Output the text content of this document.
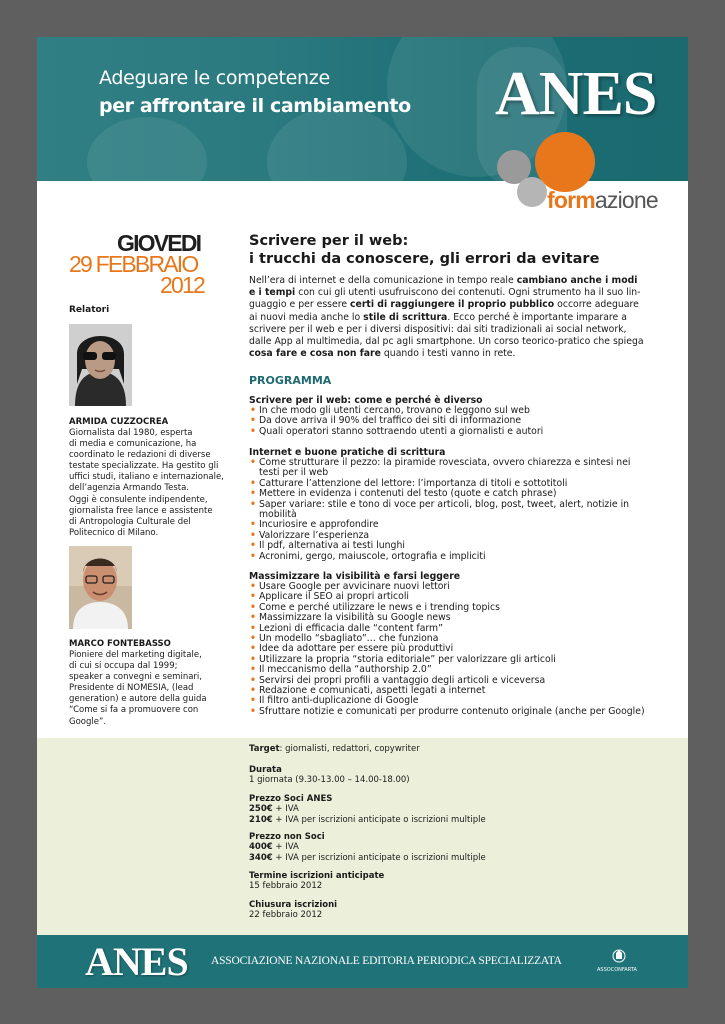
Adeguare le competenze
per affrontare il cambiamento ANES
formazione
GIOVEDI
29 FEBBRAIO
2012
Relatori
ARMIDA CUZZOCREA
Giornalista dal 1980, esperta
di media e comunicazione, ha
coordinato le redazioni di diverse
testate specializzate. Ha gestito gli
uffici studi, italiano e internazionale,
dell’agenzia Armando Testa.
Oggi è consulente indipendente,
giornalista free lance e assistente
di Antropologia Culturale del
Politecnico di Milano.
MARCO FONTEBASSO
Pioniere del marketing digitale,
di cui si occupa dal 1999;
speaker a convegni e seminari,
Presidente di NOMESIA, (lead
generation) e autore della guida
“Come si fa a promuovere con
Google”.
Scrivere per il web:
i trucchi da conoscere, gli errori da evitare
Nell’era di internet e della comunicazione in tempo reale cambiano anche i modi
e i tempi con cui gli utenti usufruiscono dei contenuti. Ogni strumento ha il suo lin-
guaggio e per essere certi di raggiungere il proprio pubblico occorre adeguare
ai nuovi media anche lo stile di scrittura. Ecco perché è importante imparare a
scrivere per il web e per i diversi dispositivi: dai siti tradizionali ai social network,
dalle App al multimedia, dal pc agli smartphone. Un corso teorico-pratico che spiega
cosa fare e cosa non fare quando i testi vanno in rete.
PROGRAMMA
Scrivere per il web: come e perché è diverso
• In che modo gli utenti cercano, trovano e leggono sul web
• Da dove arriva il 90% del traffico dei siti di informazione
• Quali operatori stanno sottraendo utenti a giornalisti e autori
Internet e buone pratiche di scrittura
• Come strutturare il pezzo: la piramide rovesciata, ovvero chiarezza e sintesi nei
testi per il web
• Catturare l’attenzione del lettore: l’importanza di titoli e sottotitoli
• Mettere in evidenza i contenuti del testo (quote e catch phrase)
• Saper variare: stile e tono di voce per articoli, blog, post, tweet, alert, notizie in
mobilità
• Incuriosire e approfondire
• Valorizzare l’esperienza
• Il pdf, alternativa ai testi lunghi
• Acronimi, gergo, maiuscole, ortografia e impliciti
Massimizzare la visibilità e farsi leggere
• Usare Google per avvicinare nuovi lettori
• Applicare il SEO ai propri articoli
• Come e perché utilizzare le news e i trending topics
• Massimizzare la visibilità su Google news
• Lezioni di efficacia dalle “content farm”
• Un modello “sbagliato”… che funziona
• Idee da adottare per essere più produttivi
• Utilizzare la propria “storia editoriale” per valorizzare gli articoli
• Il meccanismo della “authorship 2.0”
• Servirsi dei propri profili a vantaggio degli articoli e viceversa
• Redazione e comunicati, aspetti legati a internet
• Il filtro anti-duplicazione di Google
• Sfruttare notizie e comunicati per produrre contenuto originale (anche per Google)
Target: giornalisti, redattori, copywriter
Durata
1 giornata (9.30-13.00 – 14.00-18.00)
Prezzo Soci ANES
250€ + IVA
210€ + IVA per iscrizioni anticipate o iscrizioni multiple
Prezzo non Soci
400€ + IVA
340€ + IVA per iscrizioni anticipate o iscrizioni multiple
Termine iscrizioni anticipate
15 febbraio 2012
Chiusura iscrizioni
22 febbraio 2012
ANES ASSOCIAZIONE NAZIONALE EDITORIA PERIODICA SPECIALIZZATA
ASSOCONFARTA
